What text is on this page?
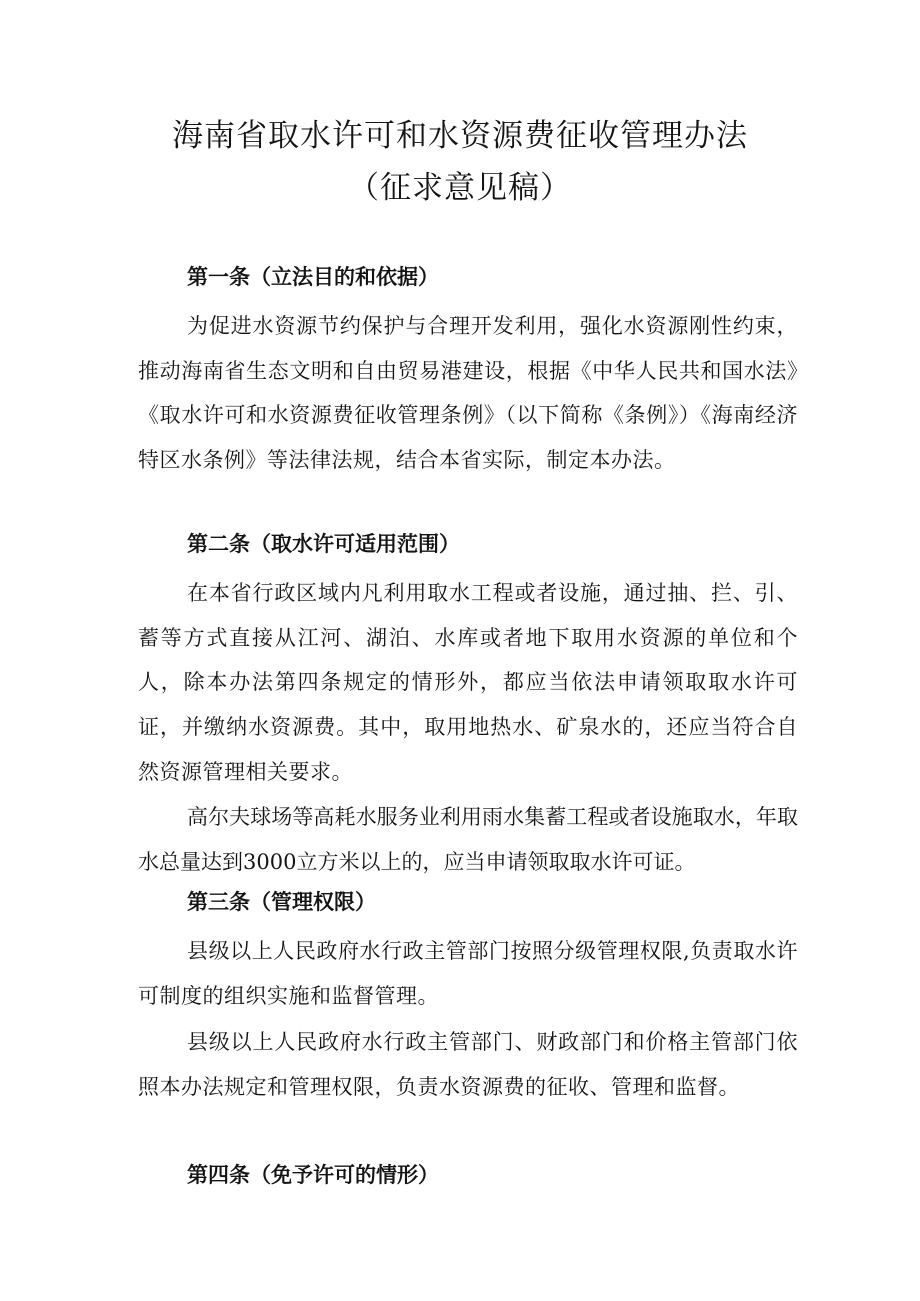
海南省取水许可和水资源费征收管理办法
（征求意见稿）
第一条（立法目的和依据）

为促进水资源节约保护与合理开发利用，强化水资源刚性约束，推动海南省生态文明和自由贸易港建设，根据《中华人民共和国水法》《取水许可和水资源费征收管理条例》（以下简称《条例》）《海南经济特区水条例》等法律法规，结合本省实际，制定本办法。

第二条（取水许可适用范围）

在本省行政区域内凡利用取水工程或者设施，通过抽、拦、引、蓄等方式直接从江河、湖泊、水库或者地下取用水资源的单位和个人，除本办法第四条规定的情形外，都应当依法申请领取取水许可证，并缴纳水资源费。其中，取用地热水、矿泉水的，还应当符合自然资源管理相关要求。

高尔夫球场等高耗水服务业利用雨水集蓄工程或者设施取水，年取水总量达到3000立方米以上的，应当申请领取取水许可证。

第三条（管理权限）

县级以上人民政府水行政主管部门按照分级管理权限,负责取水许可制度的组织实施和监督管理。

县级以上人民政府水行政主管部门、财政部门和价格主管部门依照本办法规定和管理权限，负责水资源费的征收、管理和监督。

第四条（免予许可的情形）
